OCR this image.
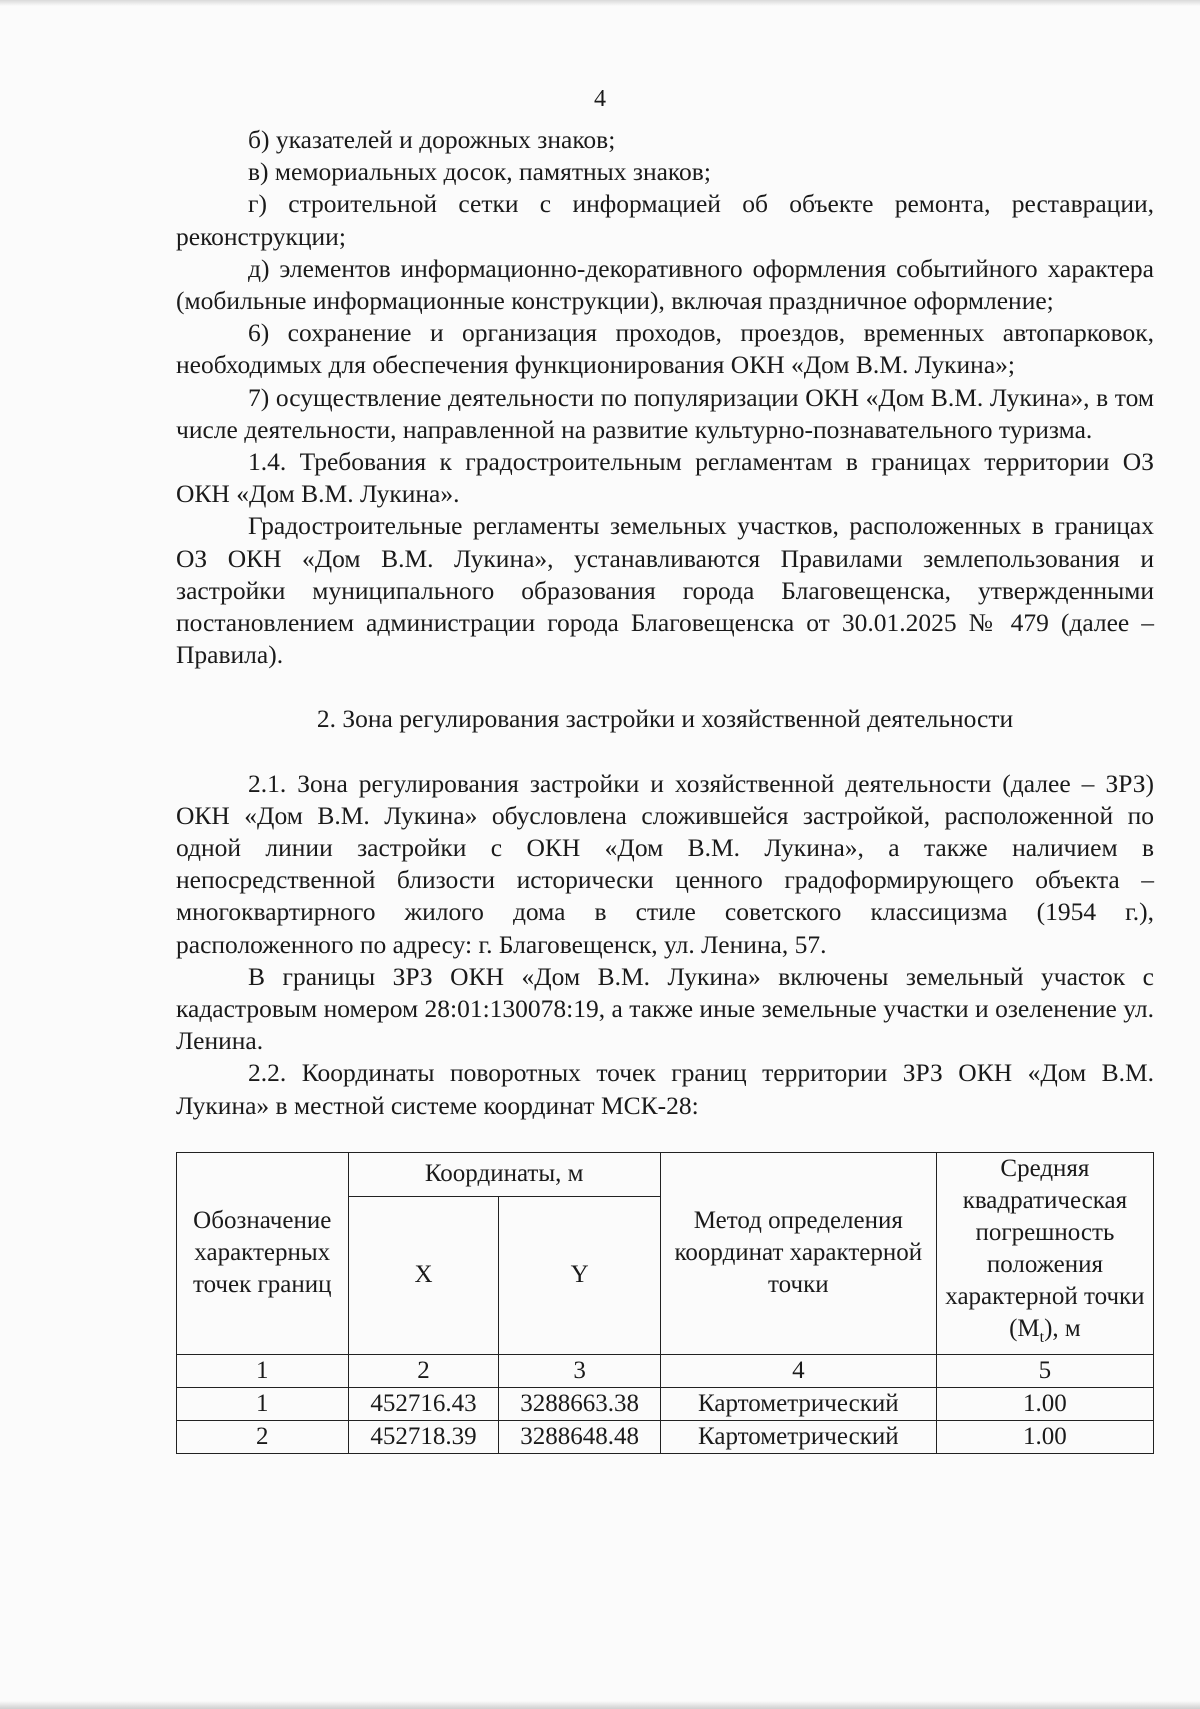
4

б) указателей и дорожных знаков;

в) мемориальных досок, памятных знаков;

г) строительной сетки с информацией об объекте ремонта, реставрации, реконструкции;

д) элементов информационно-декоративного оформления событийного характера (мобильные информационные конструкции), включая праздничное оформление;

6) сохранение и организация проходов, проездов, временных автопарковок, необходимых для обеспечения функционирования ОКН «Дом В.М. Лукина»;

7) осуществление деятельности по популяризации ОКН «Дом В.М. Лукина», в том числе деятельности, направленной на развитие культурно-познавательного туризма.

1.4. Требования к градостроительным регламентам в границах территории ОЗ ОКН «Дом В.М. Лукина».

Градостроительные регламенты земельных участков, расположенных в границах ОЗ ОКН «Дом В.М. Лукина», устанавливаются Правилами землепользования и застройки муниципального образования города Благовещенска, утвержденными постановлением администрации города Благовещенска от 30.01.2025 № 479 (далее – Правила).

2. Зона регулирования застройки и хозяйственной деятельности

2.1. Зона регулирования застройки и хозяйственной деятельности (далее – ЗРЗ) ОКН «Дом В.М. Лукина» обусловлена сложившейся застройкой, расположенной по одной линии застройки с ОКН «Дом В.М. Лукина», а также наличием в непосредственной близости исторически ценного градоформирующего объекта – многоквартирного жилого дома в стиле советского классицизма (1954 г.), расположенного по адресу: г. Благовещенск, ул. Ленина, 57.

В границы ЗРЗ ОКН «Дом В.М. Лукина» включены земельный участок с кадастровым номером 28:01:130078:19, а также иные земельные участки и озеленение ул. Ленина.

2.2. Координаты поворотных точек границ территории ЗРЗ ОКН «Дом В.М. Лукина» в местной системе координат МСК-28:

Обозначение характерных точек границ	Координаты, м		Метод определения координат характерной точки	Средняя квадратическая погрешность положения характерной точки $(M_t)$, м
	X	Y		
1	2	3	4	5
1	452716.43	3288663.38	Картометрический	1.00
2	452718.39	3288648.48	Картометрический	1.00
